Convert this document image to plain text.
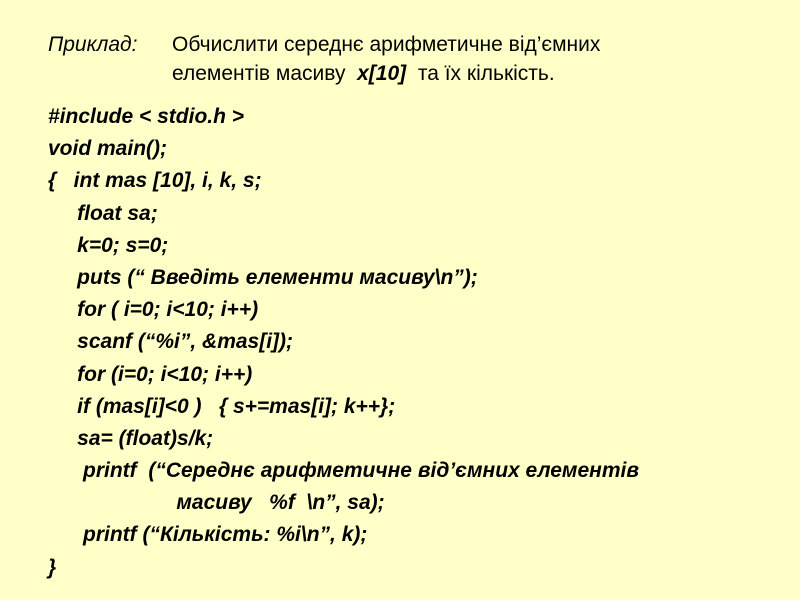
Приклад: Обчислити середнє арифметичне від’ємних
елементів масиву x[10] та їх кількість.
#include < stdio.h >
void main();
{   int mas [10], i, k, s;
float sa;
k=0; s=0;
puts (“ Введіть елементи масиву\n”);
for ( i=0; i<10; i++)
scanf (“%i”, &mas[i]);
for (i=0; i<10; i++)
if (mas[i]<0 )   { s+=mas[i]; k++};
sa= (float)s/k;
printf  (“Середнє арифметичне від’ємних елементів
масиву   %f  \n”, sa);
printf (“Кількість: %i\n”, k);
}
